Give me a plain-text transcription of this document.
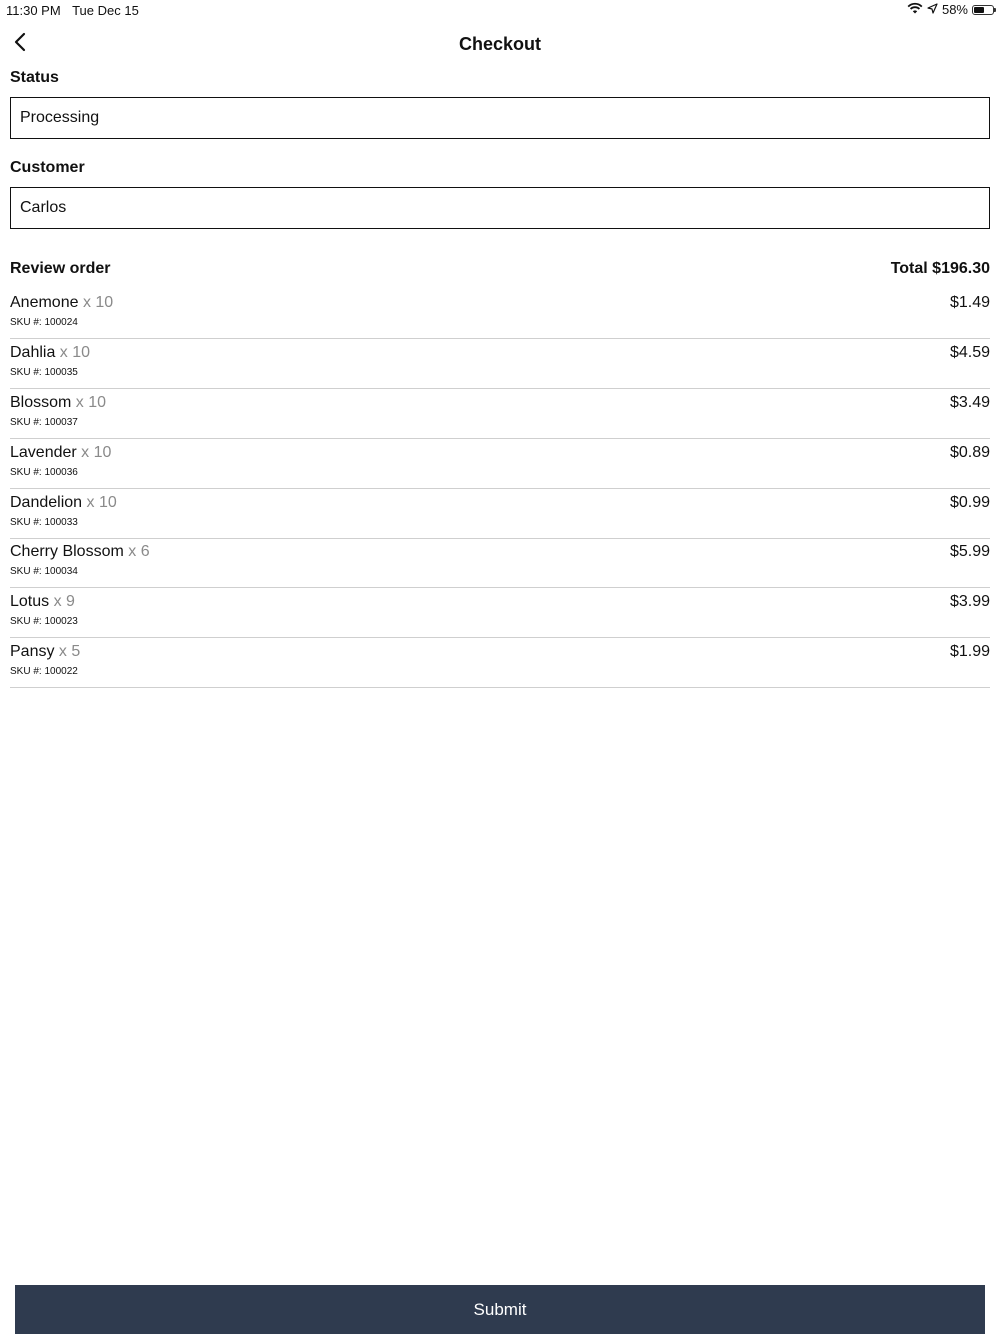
11:30 PM Tue Dec 15	58%
Checkout
Status
Processing
Customer
Carlos
Review order	Total $196.30
Anemone x 10
SKU #: 100024
$1.49
Dahlia x 10
SKU #: 100035
$4.59
Blossom x 10
SKU #: 100037
$3.49
Lavender x 10
SKU #: 100036
$0.89
Dandelion x 10
SKU #: 100033
$0.99
Cherry Blossom x 6
SKU #: 100034
$5.99
Lotus x 9
SKU #: 100023
$3.99
Pansy x 5
SKU #: 100022
$1.99
Submit
